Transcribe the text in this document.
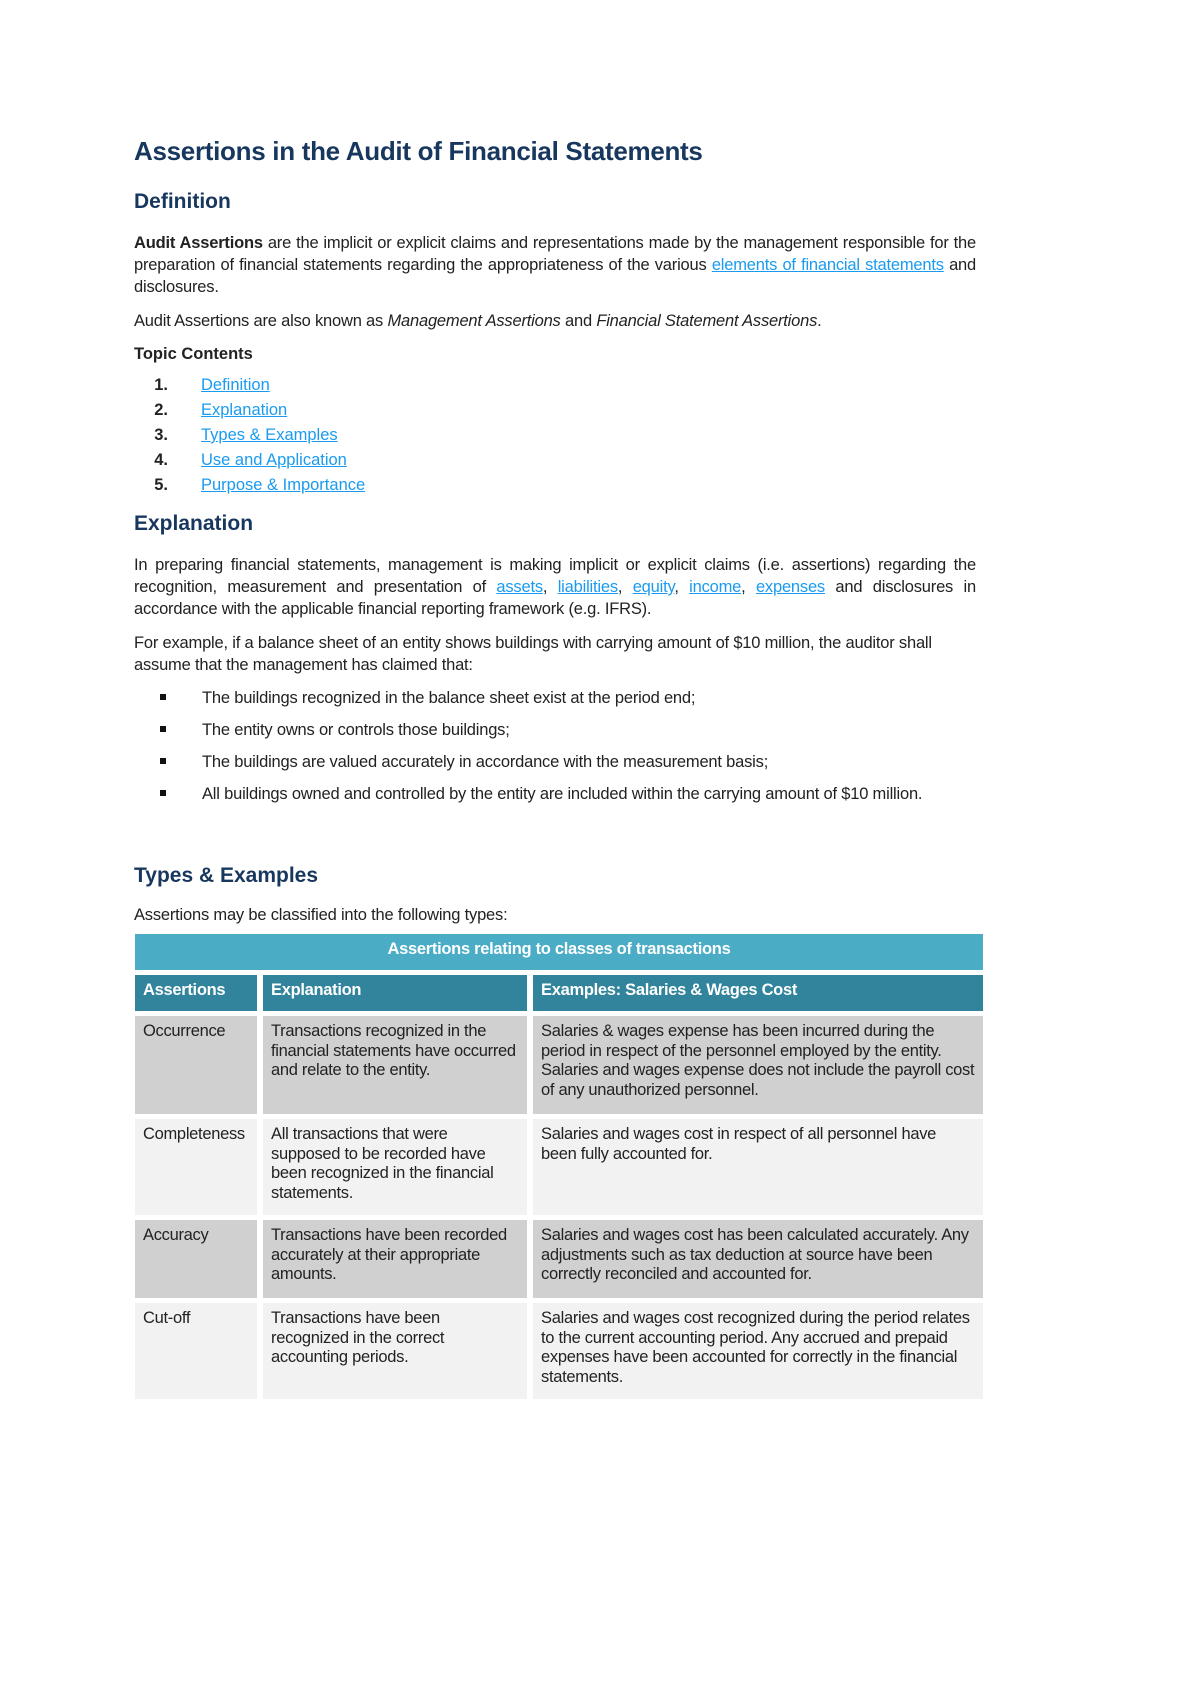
Assertions in the Audit of Financial Statements
Definition

Audit Assertions are the implicit or explicit claims and representations made by the management responsible for the preparation of financial statements regarding the appropriateness of the various elements of financial statements and disclosures.

Audit Assertions are also known as Management Assertions and Financial Statement Assertions.

Topic Contents
1. Definition
2. Explanation
3. Types & Examples
4. Use and Application
5. Purpose & Importance
Explanation

In preparing financial statements, management is making implicit or explicit claims (i.e. assertions) regarding the recognition, measurement and presentation of assets, liabilities, equity, income, expenses and disclosures in accordance with the applicable financial reporting framework (e.g. IFRS).

For example, if a balance sheet of an entity shows buildings with carrying amount of $10 million, the auditor shall assume that the management has claimed that:

The buildings recognized in the balance sheet exist at the period end;
The entity owns or controls those buildings;
The buildings are valued accurately in accordance with the measurement basis;
All buildings owned and controlled by the entity are included within the carrying amount of $10 million.
Types & Examples

Assertions may be classified into the following types:

Assertions relating to classes of transactions		
Assertions	Explanation	Examples: Salaries & Wages Cost
Occurrence	Transactions recognized in the financial statements have occurred and relate to the entity.	Salaries & wages expense has been incurred during the period in respect of the personnel employed by the entity. Salaries and wages expense does not include the payroll cost of any unauthorized personnel.
Completeness	All transactions that were supposed to be recorded have been recognized in the financial statements.	Salaries and wages cost in respect of all personnel have been fully accounted for.
Accuracy	Transactions have been recorded accurately at their appropriate amounts.	Salaries and wages cost has been calculated accurately. Any adjustments such as tax deduction at source have been correctly reconciled and accounted for.
Cut-off	Transactions have been recognized in the correct accounting periods.	Salaries and wages cost recognized during the period relates to the current accounting period. Any accrued and prepaid expenses have been accounted for correctly in the financial statements.
